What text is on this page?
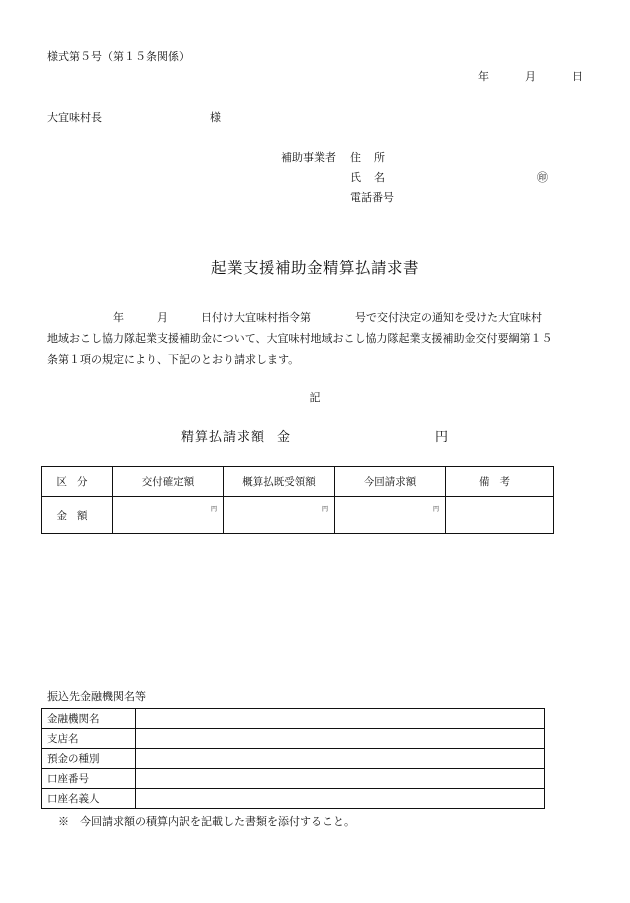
様式第５号（第１５条関係）
年	月	日
大宜味村長	様
補助事業者 住所
氏名	㊞
電話番号
起業支援補助金精算払請求書
　　　　　　年　　　月　　　日付け大宜味村指令第　　　　号で交付決定の通知を受けた大宜味村
地域おこし協力隊起業支援補助金について、大宜味村地域おこし協力隊起業支援補助金交付要綱第１５
条第１項の規定により、下記のとおり請求します。
記
精算払請求額 金	円
区分	交付確定額	概算払既受領額	今回請求額	備考
金額	円	円	円	
振込先金融機関名等
金融機関名	
支店名	
預金の種別	
口座番号	
口座名義人	
※　今回請求額の積算内訳を記載した書類を添付すること。
